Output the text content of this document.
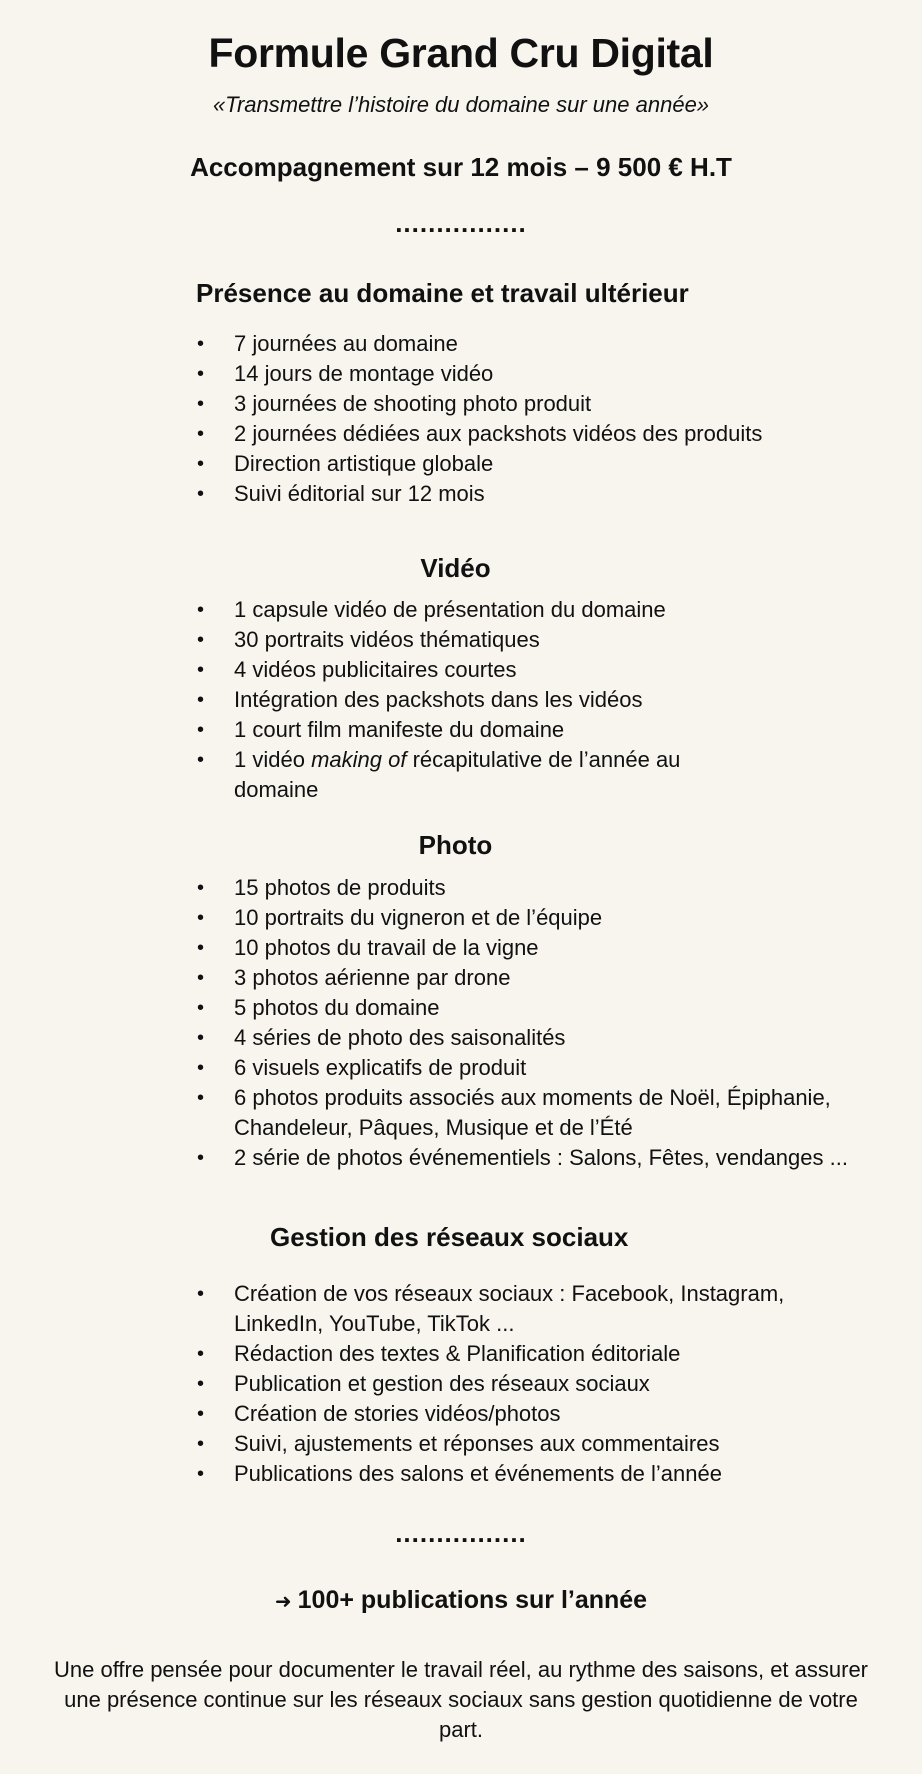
Formule Grand Cru Digital
«Transmettre l’histoire du domaine sur une année»
Accompagnement sur 12 mois – 9 500 € H.T
................
Présence au domaine et travail ultérieur
• 7 journées au domaine
• 14 jours de montage vidéo
• 3 journées de shooting photo produit
• 2 journées dédiées aux packshots vidéos des produits
• Direction artistique globale
• Suivi éditorial sur 12 mois
Vidéo
• 1 capsule vidéo de présentation du domaine
• 30 portraits vidéos thématiques
• 4 vidéos publicitaires courtes
• Intégration des packshots dans les vidéos
• 1 court film manifeste du domaine
• 1 vidéo making of récapitulative de l’année au domaine
Photo
• 15 photos de produits
• 10 portraits du vigneron et de l’équipe
• 10 photos du travail de la vigne
• 3 photos aérienne par drone
• 5 photos du domaine
• 4 séries de photo des saisonalités
• 6 visuels explicatifs de produit
• 6 photos produits associés aux moments de Noël, Épiphanie, Chandeleur, Pâques, Musique et de l’Été
• 2 série de photos événementiels : Salons, Fêtes, vendanges ...
Gestion des réseaux sociaux
• Création de vos réseaux sociaux : Facebook, Instagram, LinkedIn, YouTube, TikTok ...
• Rédaction des textes & Planification éditoriale
• Publication et gestion des réseaux sociaux
• Création de stories vidéos/photos
• Suivi, ajustements et réponses aux commentaires
• Publications des salons et événements de l’année
................
➜ 100+ publications sur l’année
Une offre pensée pour documenter le travail réel, au rythme des saisons, et assurer une présence continue sur les réseaux sociaux sans gestion quotidienne de votre part.
